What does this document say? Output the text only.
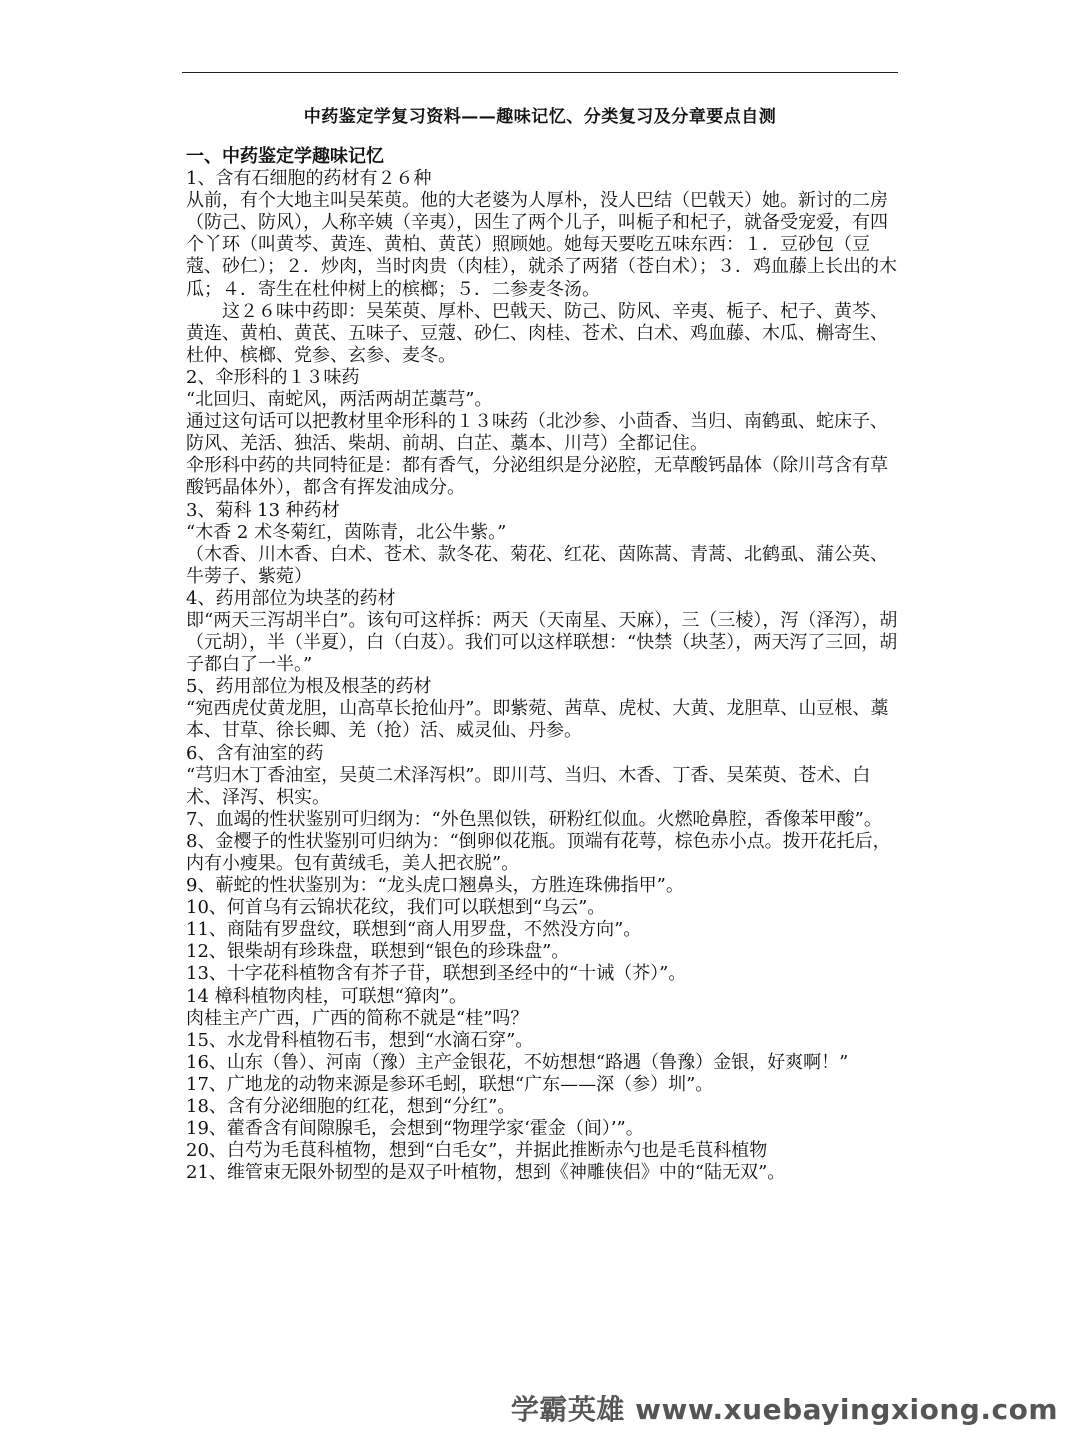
中药鉴定学复习资料——趣味记忆、分类复习及分章要点自测
一、中药鉴定学趣味记忆
1、含有石细胞的药材有２６种
从前，有个大地主叫吴茱萸。他的大老婆为人厚朴，没人巴结（巴戟天）她。新讨的二房（防己、防风），人称辛姨（辛夷），因生了两个儿子，叫栀子和杞子，就备受宠爱，有四个丫环（叫黄芩、黄连、黄柏、黄芪）照顾她。她每天要吃五味东西：１．豆砂包（豆蔻、砂仁）；２．炒肉，当时肉贵（肉桂），就杀了两猪（苍白术）；３．鸡血藤上长出的木瓜；４．寄生在杜仲树上的槟榔；５．二参麦冬汤。
这２６味中药即：吴茱萸、厚朴、巴戟天、防己、防风、辛夷、栀子、杞子、黄芩、黄连、黄柏、黄芪、五味子、豆蔻、砂仁、肉桂、苍术、白术、鸡血藤、木瓜、槲寄生、杜仲、槟榔、党参、玄参、麦冬。
2、伞形科的１３味药
“北回归、南蛇风，两活两胡芷藁芎”。
通过这句话可以把教材里伞形科的１３味药（北沙参、小茴香、当归、南鹤虱、蛇床子、防风、羌活、独活、柴胡、前胡、白芷、藁本、川芎）全都记住。
伞形科中药的共同特征是：都有香气，分泌组织是分泌腔，无草酸钙晶体（除川芎含有草酸钙晶体外），都含有挥发油成分。
3、菊科 13 种药材
“木香 2 术冬菊红，茵陈青，北公牛紫。”
（木香、川木香、白术、苍术、款冬花、菊花、红花、茵陈蒿、青蒿、北鹤虱、蒲公英、牛蒡子、紫菀）
4、药用部位为块茎的药材
即“两天三泻胡半白”。该句可这样拆：两天（天南星、天麻），三（三棱），泻（泽泻），胡（元胡），半（半夏），白（白芨）。我们可以这样联想：“快禁（块茎），两天泻了三回，胡子都白了一半。”
5、药用部位为根及根茎的药材
“宛西虎仗黄龙胆，山高草长抢仙丹”。即紫菀、茜草、虎杖、大黄、龙胆草、山豆根、藁本、甘草、徐长卿、羌（抢）活、威灵仙、丹参。
6、含有油室的药
“芎归木丁香油室，吴萸二术泽泻枳”。即川芎、当归、木香、丁香、吴茱萸、苍术、白术、泽泻、枳实。
7、血竭的性状鉴别可归纲为：“外色黑似铁，研粉红似血。火燃呛鼻腔，香像苯甲酸”。
8、金樱子的性状鉴别可归纳为：“倒卵似花瓶。顶端有花萼，棕色赤小点。拨开花托后，内有小瘦果。包有黄绒毛，美人把衣脱”。
9、蕲蛇的性状鉴别为：“龙头虎口翘鼻头，方胜连珠佛指甲”。
10、何首乌有云锦状花纹，我们可以联想到“乌云”。
11、商陆有罗盘纹，联想到“商人用罗盘，不然没方向”。
12、银柴胡有珍珠盘，联想到“银色的珍珠盘”。
13、十字花科植物含有芥子苷，联想到圣经中的“十诫（芥）”。
14 樟科植物肉桂，可联想“獐肉”。
肉桂主产广西，广西的简称不就是“桂”吗？
15、水龙骨科植物石韦，想到“水滴石穿”。
16、山东（鲁）、河南（豫）主产金银花，不妨想想“路遇（鲁豫）金银，好爽啊！”
17、广地龙的动物来源是参环毛蚓，联想“广东——深（参）圳”。
18、含有分泌细胞的红花，想到“分红”。
19、藿香含有间隙腺毛，会想到“物理学家‘霍金（间）’”。
20、白芍为毛茛科植物，想到“白毛女”，并据此推断赤勺也是毛茛科植物
21、维管束无限外韧型的是双子叶植物，想到《神雕侠侣》中的“陆无双”。
学霸英雄 www.xuebayingxiong.com
